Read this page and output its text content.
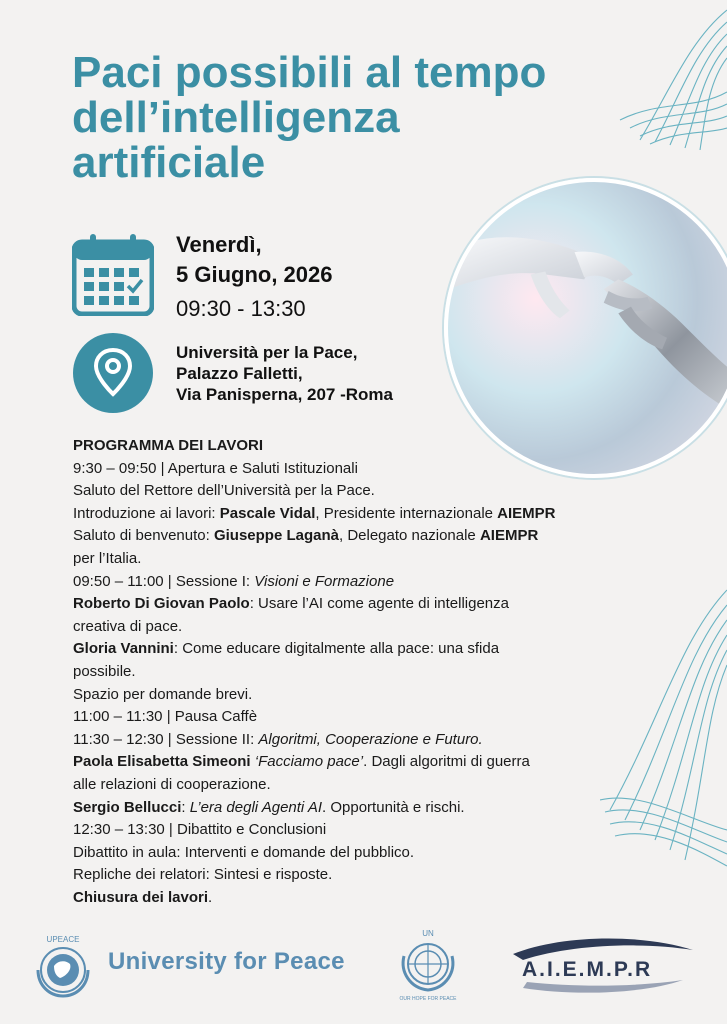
Paci possibili al tempo
dell’intelligenza
artificiale
Venerdì,
5 Giugno, 2026
09:30 - 13:30
Università per la Pace,
Palazzo Falletti,
Via Panisperna, 207 -Roma
PROGRAMMA DEI LAVORI
9:30 – 09:50 | Apertura e Saluti Istituzionali
Saluto del Rettore dell’Università per la Pace.
Introduzione ai lavori: Pascale Vidal, Presidente internazionale AIEMPR
Saluto di benvenuto: Giuseppe Laganà, Delegato nazionale AIEMPR
per l’Italia.
09:50 – 11:00 | Sessione I: Visioni e Formazione
Roberto Di Giovan Paolo: Usare l’AI come agente di intelligenza
creativa di pace.
Gloria Vannini: Come educare digitalmente alla pace: una sfida
possibile.
Spazio per domande brevi.
11:00 – 11:30 | Pausa Caffè
11:30 – 12:30 | Sessione II: Algoritmi, Cooperazione e Futuro.
Paola Elisabetta Simeoni ‘Facciamo pace’. Dagli algoritmi di guerra
alle relazioni di cooperazione.
Sergio Bellucci: L’era degli Agenti AI. Opportunità e rischi.
12:30 – 13:30 | Dibattito e Conclusioni
Dibattito in aula: Interventi e domande del pubblico.
Repliche dei relatori: Sintesi e risposte.
Chiusura dei lavori.
UPEACE
University for Peace
UN
OUR HOPE FOR PEACE
A.I.E.M.P.R
